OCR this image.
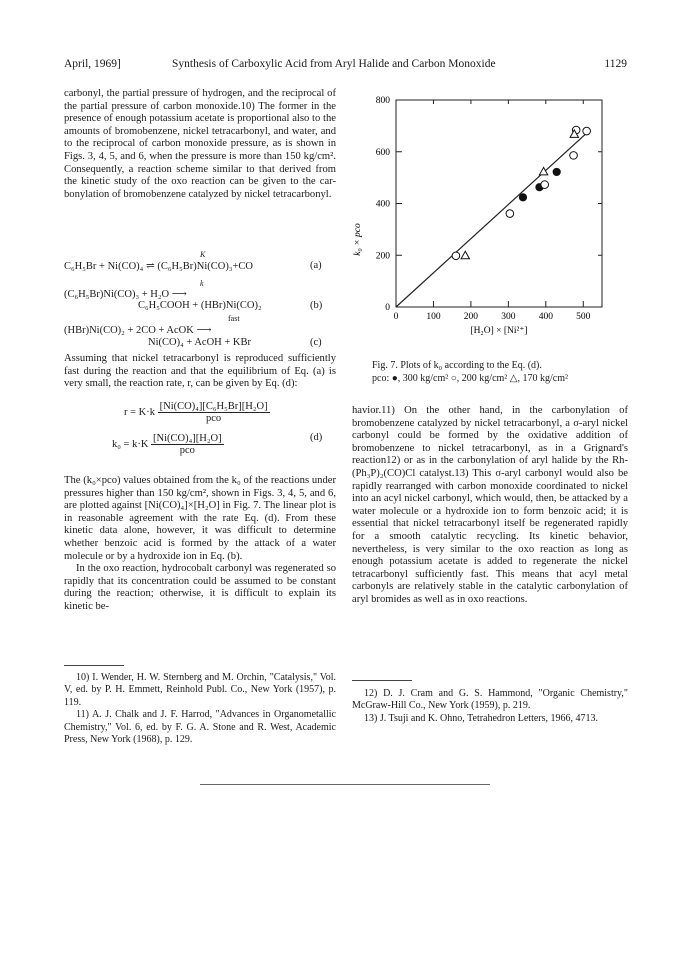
April, 1969]	Synthesis of Carboxylic Acid from Aryl Halide and Carbon Monoxide	1129

carbonyl, the partial pressure of hydrogen, and the reciprocal of the partial pressure of carbon monoxide.10) The former in the presence of enough potassium acetate is proportional also to the amounts of bromobenzene, nickel tetracarbonyl, and water, and to the reciprocal of carbon monoxide pressure, as is shown in Figs. 3, 4, 5, and 6, when the pressure is more than 150 kg/cm². Consequently, a reaction scheme similar to that derived from the kinetic study of the oxo reaction can be given to the car-bonylation of bromobenzene catalyzed by nickel tetracarbonyl.

C₆H₅Br + Ni(CO)₄ ⇌ (C₆H₅Br)Ni(CO)₃+CO
K
(a)
(C₆H₅Br)Ni(CO)₃ + H₂O ⟶
k
C₆H₅COOH + (HBr)Ni(CO)₂	(b)
(HBr)Ni(CO)₂ + 2CO + AcOK ⟶
fast
Ni(CO)₄ + AcOH + KBr	(c)

Assuming that nickel tetracarbonyl is reproduced sufficiently fast during the reaction and that the equilibrium of Eq. (a) is very small, the reaction rate, r, can be given by Eq. (d):

$r = K\cdot k \frac{\text{[Ni(CO)₄][C₆H₅Br][H₂O]}}{\text{pco}}$
$k_0 = k\cdot K \frac{\text{[Ni(CO)₄][H₂O]}}{\text{pco}}$	(d)

The (k₀×pco) values obtained from the k₀ of the reactions under pressures higher than 150 kg/cm², shown in Figs. 3, 4, 5, and 6, are plotted against [Ni(CO)₄]×[H₂O] in Fig. 7. The linear plot is in reasonable agreement with the rate Eq. (d). From these kinetic data alone, however, it was difficult to determine whether benzoic acid is formed by the attack of a water molecule or by a hydroxide ion in Eq. (b).

In the oxo reaction, hydrocobalt carbonyl was regenerated so rapidly that its concentration could be assumed to be constant during the reaction; otherwise, it is difficult to explain its kinetic be-

10) I. Wender, H. W. Sternberg and M. Orchin, "Catalysis," Vol. V, ed. by P. H. Emmett, Reinhold Publ. Co., New York (1957), p. 119.

11) A. J. Chalk and J. F. Harrod, "Advances in Organometallic Chemistry," Vol. 6, ed. by F. G. A. Stone and R. West, Academic Press, New York (1968), p. 129.

0
200
400
600
800
0	100 200 300 400 500
[H₂O] × [Ni²⁺]
k₀ × pco
Fig. 7. Plots of k₀ according to the Eq. (d).
pco: ●, 300 kg/cm² ○, 200 kg/cm² △, 170 kg/cm²

havior.11) On the other hand, in the carbonylation of bromobenzene catalyzed by nickel tetracarbonyl, a σ-aryl nickel carbonyl could be formed by the oxidative addition of bromobenzene to nickel tetracarbonyl, as in a Grignard's reaction12) or as in the carbonylation of aryl halide by the Rh-(Ph₃P)₂(CO)Cl catalyst.13) This σ-aryl carbonyl would also be rapidly rearranged with carbon monoxide coordinated to nickel into an acyl nickel carbonyl, which would, then, be attacked by a water molecule or a hydroxide ion to form benzoic acid; it is essential that nickel tetracarbonyl itself be regenerated rapidly for a smooth catalytic recycling. Its kinetic behavior, nevertheless, is very similar to the oxo reaction as long as enough potassium acetate is added to regenerate the nickel tetracarbonyl sufficiently fast. This means that acyl metal carbonyls are relatively stable in the catalytic carbonylation of aryl bromides as well as in oxo reactions.

12) D. J. Cram and G. S. Hammond, "Organic Chemistry," McGraw-Hill Co., New York (1959), p. 219.

13) J. Tsuji and K. Ohno, Tetrahedron Letters, 1966, 4713.
